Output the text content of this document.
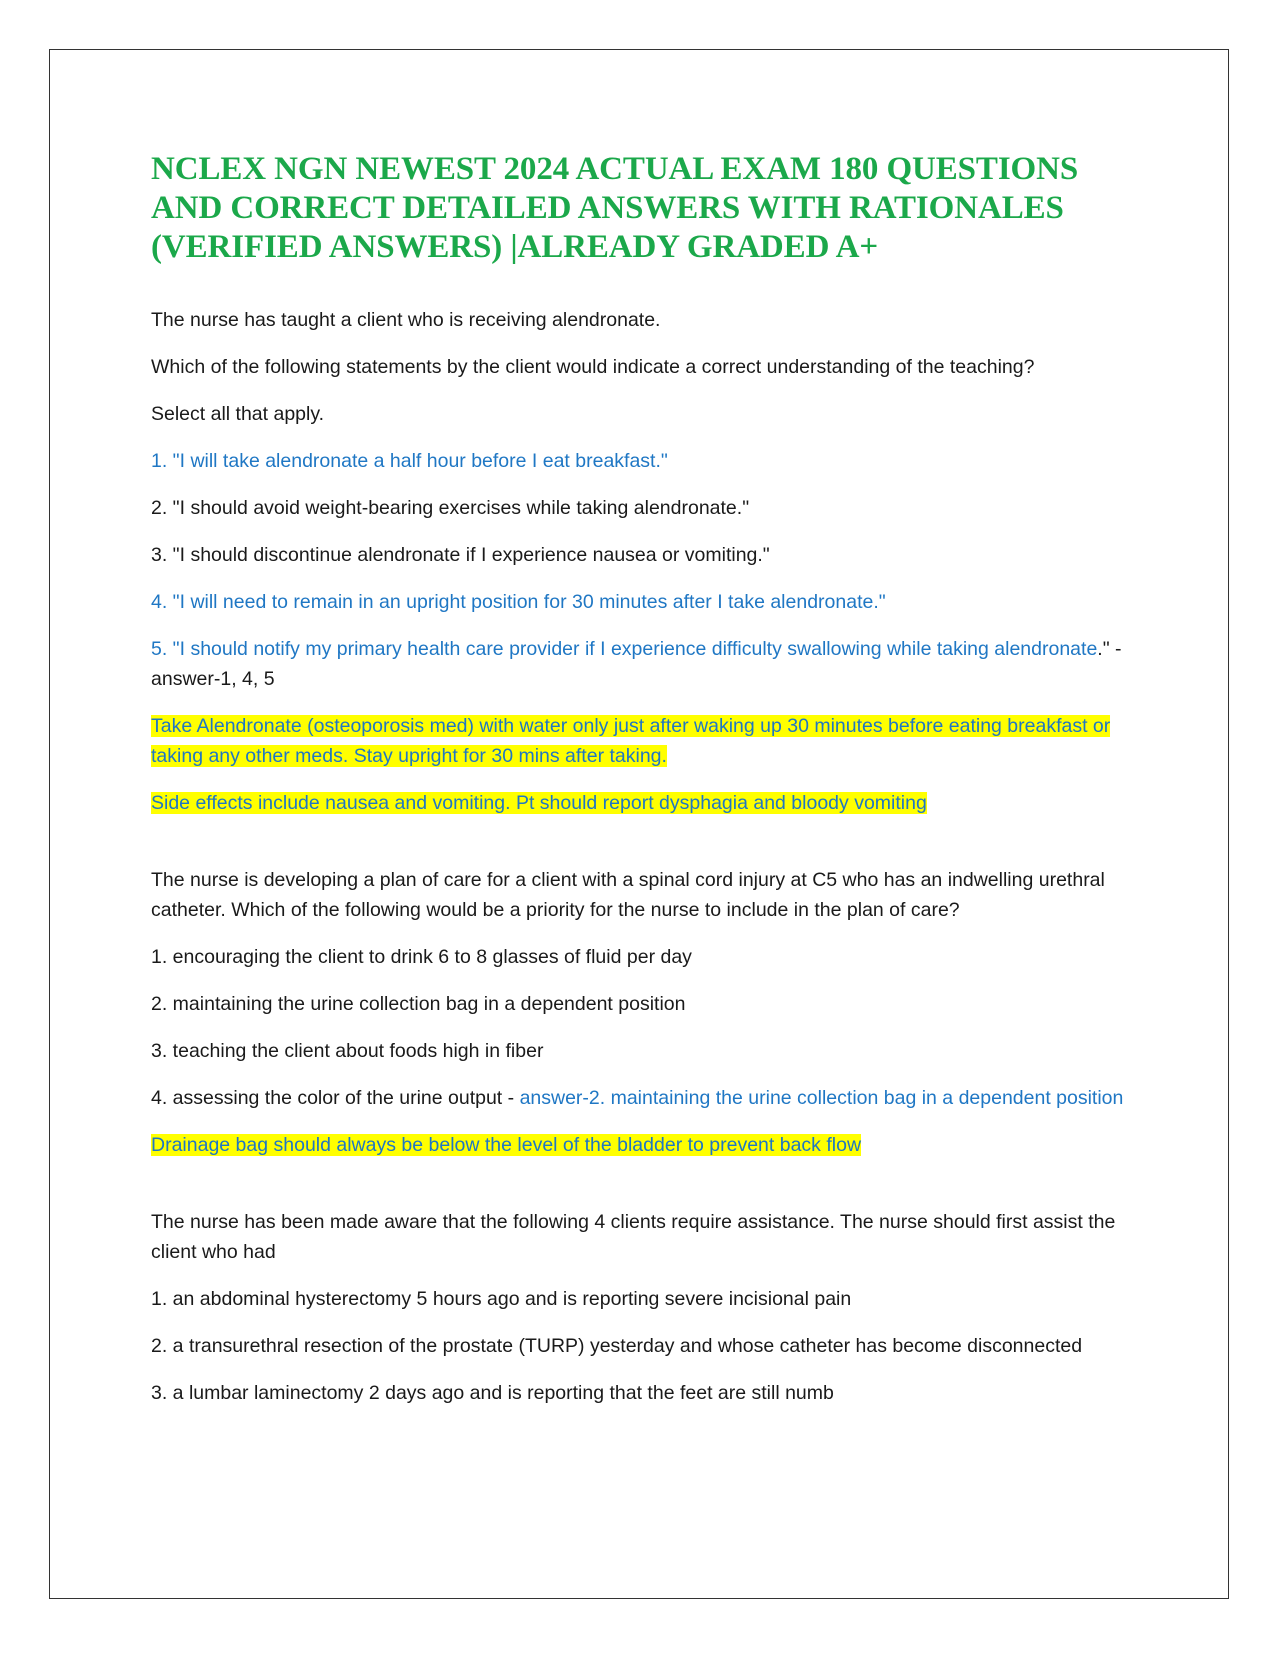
NCLEX NGN NEWEST 2024 ACTUAL EXAM 180 QUESTIONS AND CORRECT DETAILED ANSWERS WITH RATIONALES (VERIFIED ANSWERS) |ALREADY GRADED A+

The nurse has taught a client who is receiving alendronate.

Which of the following statements by the client would indicate a correct understanding of the teaching?

Select all that apply.

1. "I will take alendronate a half hour before I eat breakfast."

2. "I should avoid weight-bearing exercises while taking alendronate."

3. "I should discontinue alendronate if I experience nausea or vomiting."

4. "I will need to remain in an upright position for 30 minutes after I take alendronate."

5. "I should notify my primary health care provider if I experience difficulty swallowing while taking alendronate." - answer-1, 4, 5

Take Alendronate (osteoporosis med) with water only just after waking up 30 minutes before eating breakfast or taking any other meds. Stay upright for 30 mins after taking.

Side effects include nausea and vomiting. Pt should report dysphagia and bloody vomiting

The nurse is developing a plan of care for a client with a spinal cord injury at C5 who has an indwelling urethral catheter. Which of the following would be a priority for the nurse to include in the plan of care?

1. encouraging the client to drink 6 to 8 glasses of fluid per day

2. maintaining the urine collection bag in a dependent position

3. teaching the client about foods high in fiber

4. assessing the color of the urine output - answer-2. maintaining the urine collection bag in a dependent position

Drainage bag should always be below the level of the bladder to prevent back flow

The nurse has been made aware that the following 4 clients require assistance. The nurse should first assist the client who had

1. an abdominal hysterectomy 5 hours ago and is reporting severe incisional pain

2. a transurethral resection of the prostate (TURP) yesterday and whose catheter has become disconnected

3. a lumbar laminectomy 2 days ago and is reporting that the feet are still numb
